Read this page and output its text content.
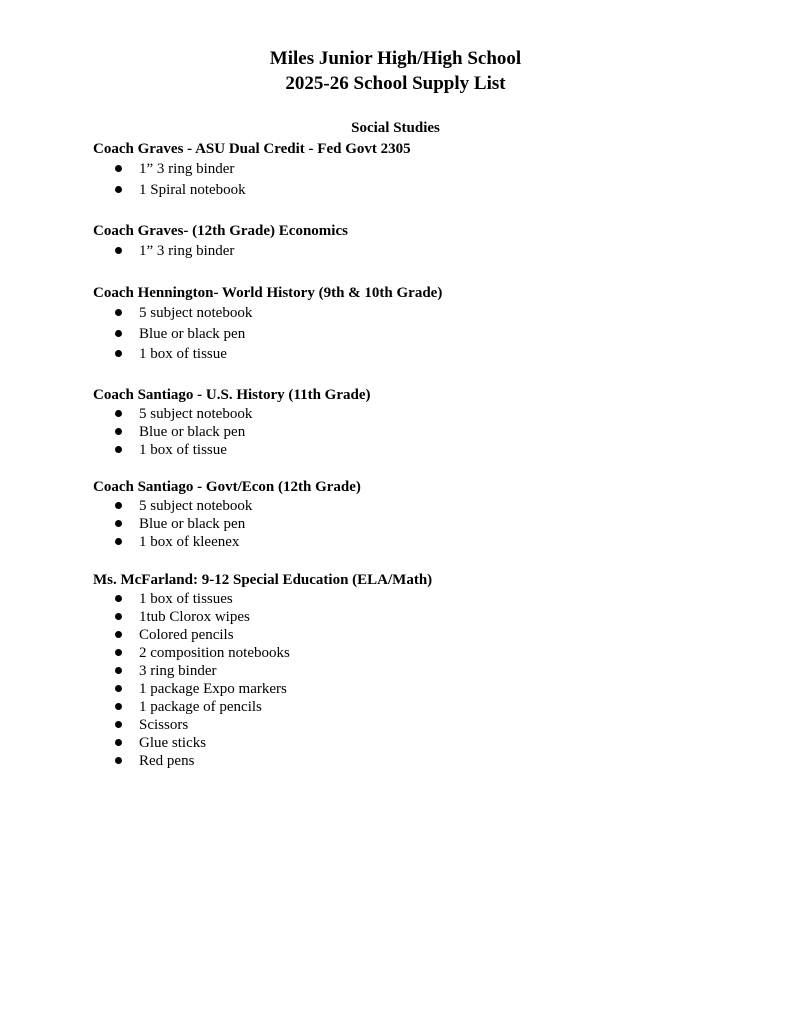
Miles Junior High/High School
2025-26 School Supply List
Social Studies
Coach Graves - ASU Dual Credit - Fed Govt 2305
1” 3 ring binder
1 Spiral notebook
Coach Graves- (12th Grade) Economics
1” 3 ring binder
Coach Hennington- World History (9th & 10th Grade)
5 subject notebook
Blue or black pen
1 box of tissue
Coach Santiago - U.S. History (11th Grade)
5 subject notebook
Blue or black pen
1 box of tissue
Coach Santiago - Govt/Econ (12th Grade)
5 subject notebook
Blue or black pen
1 box of kleenex
Ms. McFarland: 9-12 Special Education (ELA/Math)
1 box of tissues
1tub Clorox wipes
Colored pencils
2 composition notebooks
3 ring binder
1 package Expo markers
1 package of pencils
Scissors
Glue sticks
Red pens
